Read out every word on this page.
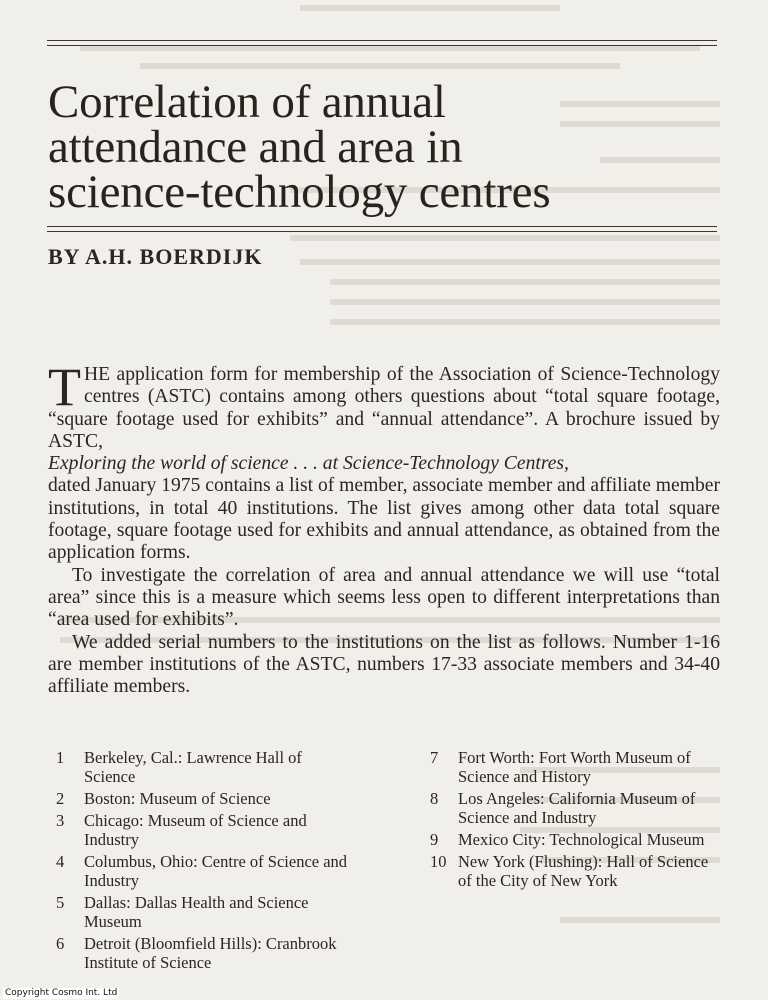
Correlation of annual
attendance and area in
science-technology centres
BY A.H. BOERDIJK

THE application form for membership of the Association of Science-Technology centres (ASTC) contains among others questions about “total square footage, “square footage used for exhibits” and “annual attendance”. A brochure issued by ASTC,
Exploring the world of science . . . at Science-Technology Centres,
dated January 1975 contains a list of member, associate member and affiliate member institutions, in total 40 institutions. The list gives among other data total square footage, square footage used for exhibits and annual attendance, as obtained from the application forms.

To investigate the correlation of area and annual attendance we will use “total area” since this is a measure which seems less open to different interpretations than “area used for exhibits”.

We added serial numbers to the institutions on the list as follows. Number 1-16 are member institutions of the ASTC, numbers 17-33 associate members and 34-40 affiliate members.

1 Berkeley, Cal.: Lawrence Hall of Science
2 Boston: Museum of Science
3 Chicago: Museum of Science and Industry
4 Columbus, Ohio: Centre of Science and Industry
5 Dallas: Dallas Health and Science Museum
6 Detroit (Bloomfield Hills): Cranbrook Institute of Science
7	Fort Worth: Fort Worth Museum of Science and History
8	Los Angeles: California Museum of Science and Industry
9	Mexico City: Technological Museum
10 New York (Flushing): Hall of Science of the City of New York
Copyright Cosmo Int. Ltd
